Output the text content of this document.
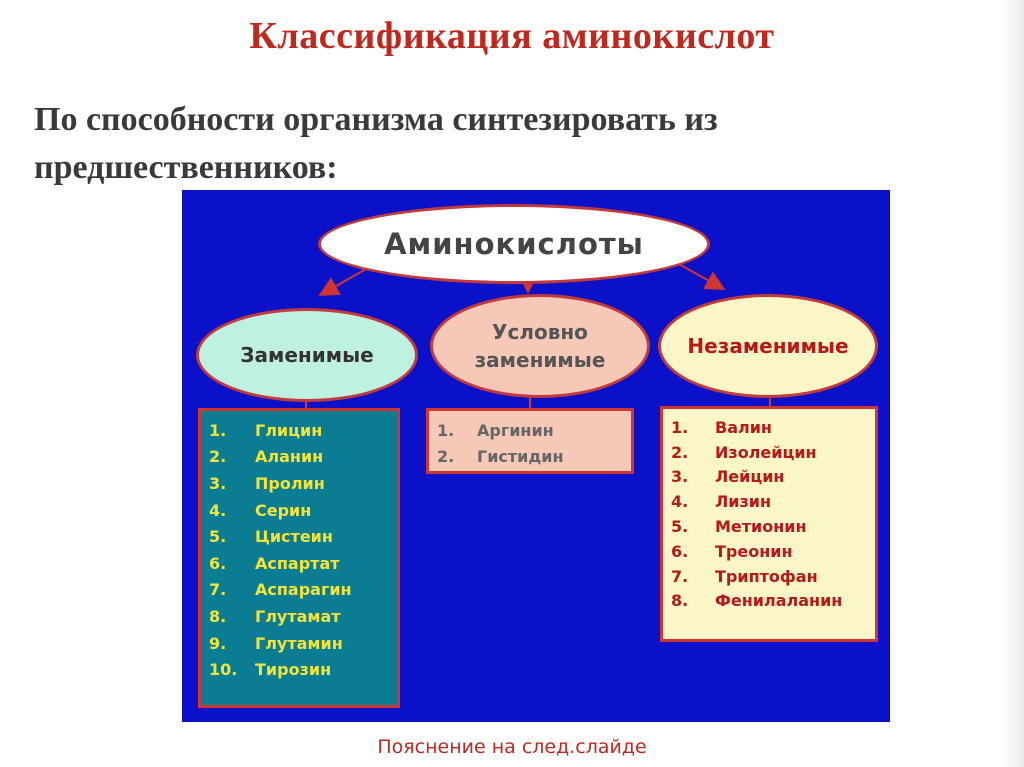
Классификация аминокислот
По способности организма синтезировать из предшественников:
Аминокислоты
Заменимые
Условно
заменимые
Незаменимые
1.	Глицин
2.	Аланин
3.	Пролин
4.	Серин
5.	Цистеин
6.	Аспартат
7.	Аспарагин
8.	Глутамат
9.	Глутамин
10.	Тирозин
1.	Аргинин
2.	Гистидин
1.	Валин
2.	Изолейцин
3.	Лейцин
4.	Лизин
5.	Метионин
6.	Треонин
7.	Триптофан
8.	Фенилаланин
Пояснение на след.слайде
